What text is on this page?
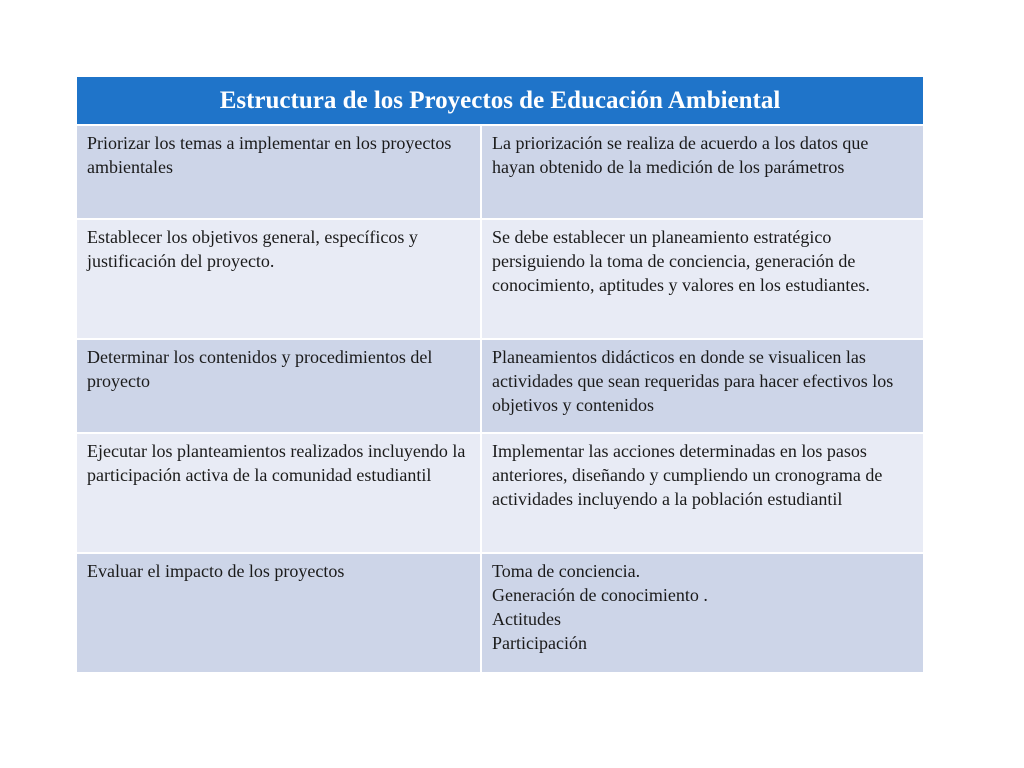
Estructura de los Proyectos de Educación Ambiental	
Priorizar los temas a implementar en los proyectos ambientales	La priorización se realiza de acuerdo a los datos que hayan obtenido de la medición de los parámetros
Establecer los objetivos general, específicos y justificación del proyecto.	Se debe establecer un planeamiento estratégico persiguiendo la toma de conciencia, generación de conocimiento, aptitudes y valores en los estudiantes.
Determinar los contenidos y procedimientos del proyecto	Planeamientos didácticos en donde se visualicen las actividades que sean requeridas para hacer efectivos los objetivos y contenidos
Ejecutar los planteamientos realizados incluyendo la participación activa de la comunidad estudiantil	Implementar las acciones determinadas en los pasos anteriores, diseñando y cumpliendo un cronograma de actividades incluyendo a la población estudiantil
Evaluar el impacto de los proyectos	Toma de conciencia.
Generación de conocimiento .
Actitudes
Participación
